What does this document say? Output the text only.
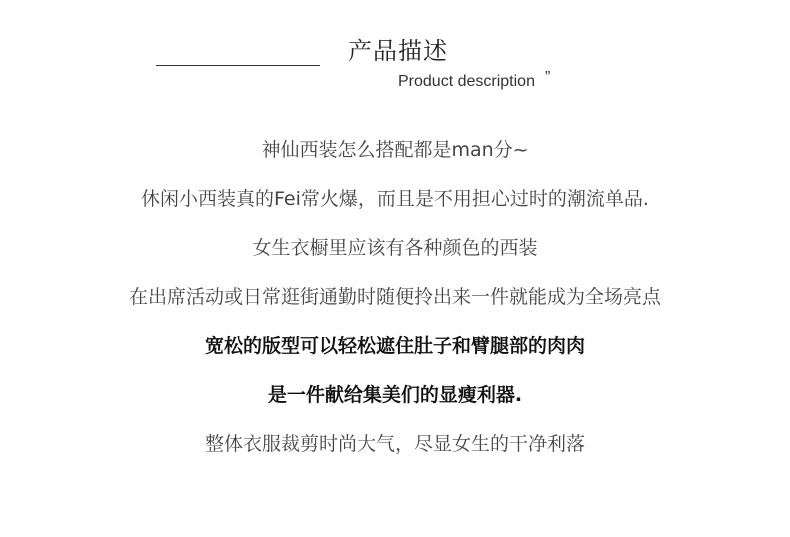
产品描述
Product description ”
神仙西装怎么搭配都是man分~
休闲小西装真的Fei常火爆，而且是不用担心过时的潮流单品.
女生衣橱里应该有各种颜色的西装
在出席活动或日常逛街通勤时随便拎出来一件就能成为全场亮点
宽松的版型可以轻松遮住肚子和臂腿部的肉肉
是一件献给集美们的显瘦利器.
整体衣服裁剪时尚大气，尽显女生的干净利落
